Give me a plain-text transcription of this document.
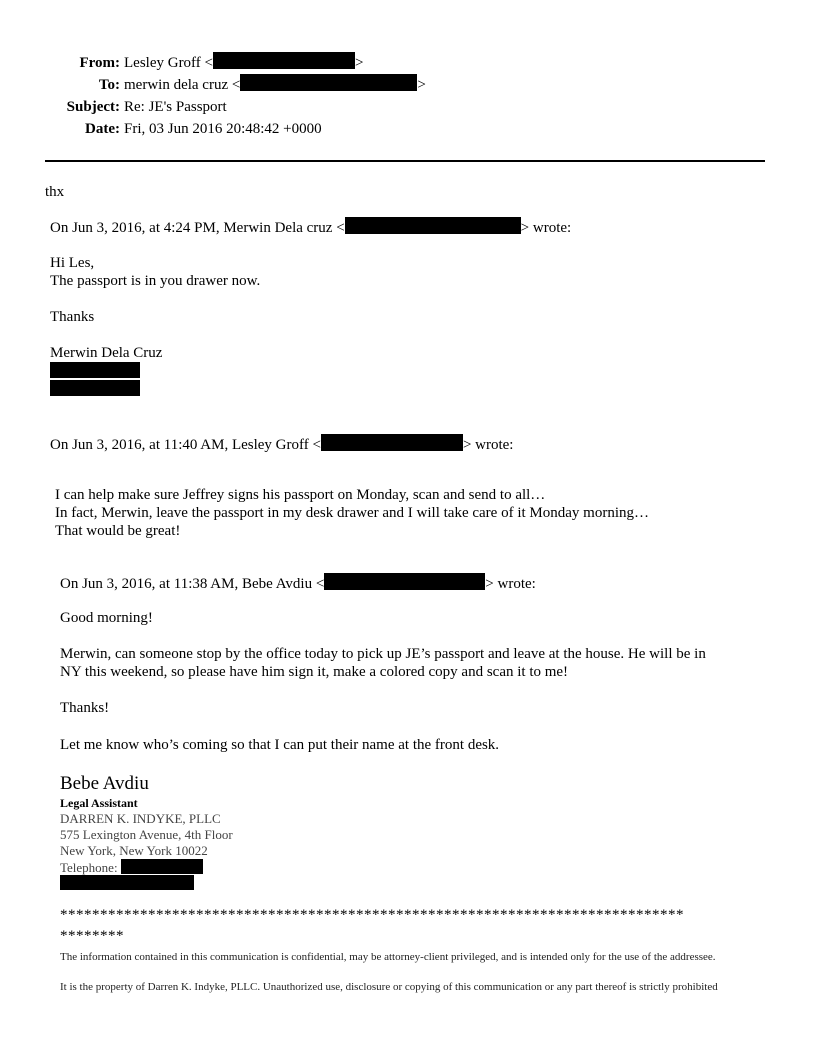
From: Lesley Groff <	>
To: merwin dela cruz <	>
Subject: Re: JE's Passport
Date: Fri, 03 Jun 2016 20:48:42 +0000
thx
On Jun 3, 2016, at 4:24 PM, Merwin Dela cruz <	> wrote:
Hi Les,
The passport is in you drawer now.
Thanks
Merwin Dela Cruz
On Jun 3, 2016, at 11:40 AM, Lesley Groff <	> wrote:
I can help make sure Jeffrey signs his passport on Monday, scan and send to all…
In fact, Merwin, leave the passport in my desk drawer and I will take care of it Monday morning…
That would be great!
On Jun 3, 2016, at 11:38 AM, Bebe Avdiu <	> wrote:
Good morning!
Merwin, can someone stop by the office today to pick up JE’s passport and leave at the house. He will be in
NY this weekend, so please have him sign it, make a colored copy and scan it to me!
Thanks!
Let me know who’s coming so that I can put their name at the front desk.
Bebe Avdiu
Legal Assistant
DARREN K. INDYKE, PLLC
575 Lexington Avenue, 4th Floor
New York, New York 10022
Telephone:
******************************************************************************
********
The information contained in this communication is confidential, may be attorney-client privileged, and is intended only for the use of the addressee.
It is the property of Darren K. Indyke, PLLC. Unauthorized use, disclosure or copying of this communication or any part thereof is strictly prohibited
